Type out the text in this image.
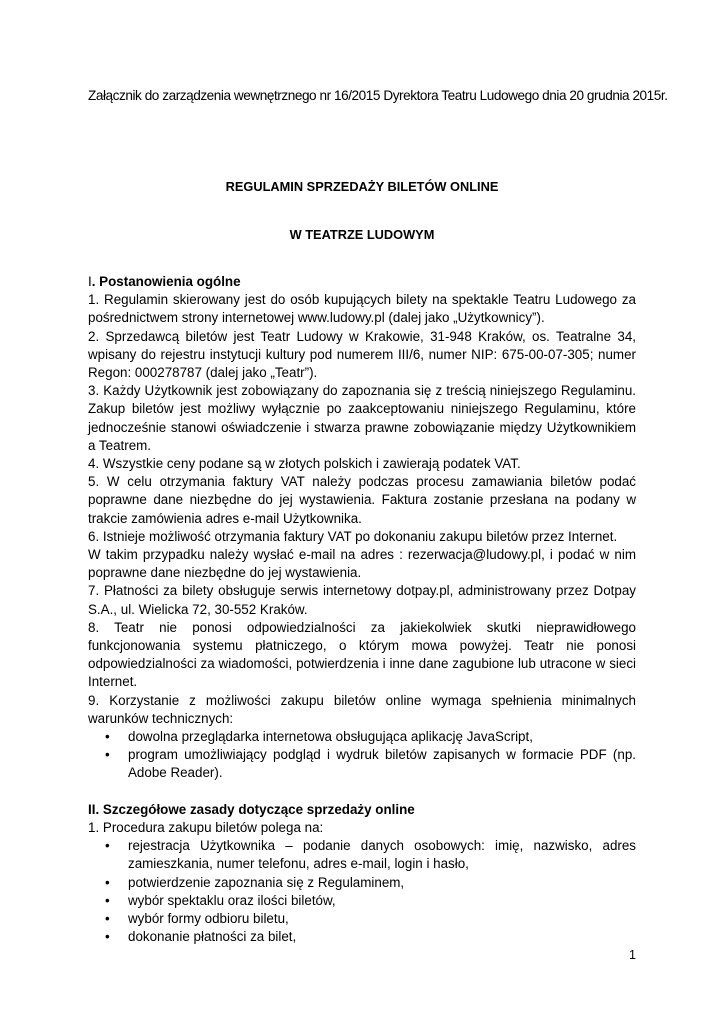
Załącznik do zarządzenia wewnętrznego nr 16/2015 Dyrektora Teatru Ludowego dnia 20 grudnia 2015r.
REGULAMIN SPRZEDAŻY BILETÓW ONLINE
W TEATRZE LUDOWYM

I. Postanowienia ogólne

1. Regulamin skierowany jest do osób kupujących bilety na spektakle Teatru Ludowego za pośrednictwem strony internetowej www.ludowy.pl (dalej jako „Użytkownicy”).

2. Sprzedawcą biletów jest Teatr Ludowy w Krakowie, 31-948 Kraków, os. Teatralne 34, wpisany do rejestru instytucji kultury pod numerem III/6, numer NIP: 675-00-07-305; numer Regon: 000278787 (dalej jako „Teatr”).

3. Każdy Użytkownik jest zobowiązany do zapoznania się z treścią niniejszego Regulaminu. Zakup biletów jest możliwy wyłącznie po zaakceptowaniu niniejszego Regulaminu, które jednocześnie stanowi oświadczenie i stwarza prawne zobowiązanie między Użytkownikiem a Teatrem.

4. Wszystkie ceny podane są w złotych polskich i zawierają podatek VAT.

5. W celu otrzymania faktury VAT należy podczas procesu zamawiania biletów podać poprawne dane niezbędne do jej wystawienia. Faktura zostanie przesłana na podany w trakcie zamówienia adres e-mail Użytkownika.

6. Istnieje możliwość otrzymania faktury VAT po dokonaniu zakupu biletów przez Internet.

W takim przypadku należy wysłać e-mail na adres : rezerwacja@ludowy.pl, i podać w nim poprawne dane niezbędne do jej wystawienia.

7. Płatności za bilety obsługuje serwis internetowy dotpay.pl, administrowany przez Dotpay S.A., ul. Wielicka 72, 30-552 Kraków.

8. Teatr nie ponosi odpowiedzialności za jakiekolwiek skutki nieprawidłowego funkcjonowania systemu płatniczego, o którym mowa powyżej. Teatr nie ponosi odpowiedzialności za wiadomości, potwierdzenia i inne dane zagubione lub utracone w sieci Internet.

9. Korzystanie z możliwości zakupu biletów online wymaga spełnienia minimalnych warunków technicznych:

• dowolna przeglądarka internetowa obsługująca aplikację JavaScript,
• program umożliwiający podgląd i wydruk biletów zapisanych w formacie PDF (np. Adobe Reader).

II. Szczegółowe zasady dotyczące sprzedaży online

1. Procedura zakupu biletów polega na:

• rejestracja Użytkownika – podanie danych osobowych: imię, nazwisko, adres zamieszkania, numer telefonu, adres e-mail, login i hasło,
• potwierdzenie zapoznania się z Regulaminem,
• wybór spektaklu oraz ilości biletów,
• wybór formy odbioru biletu,
• dokonanie płatności za bilet,
1
